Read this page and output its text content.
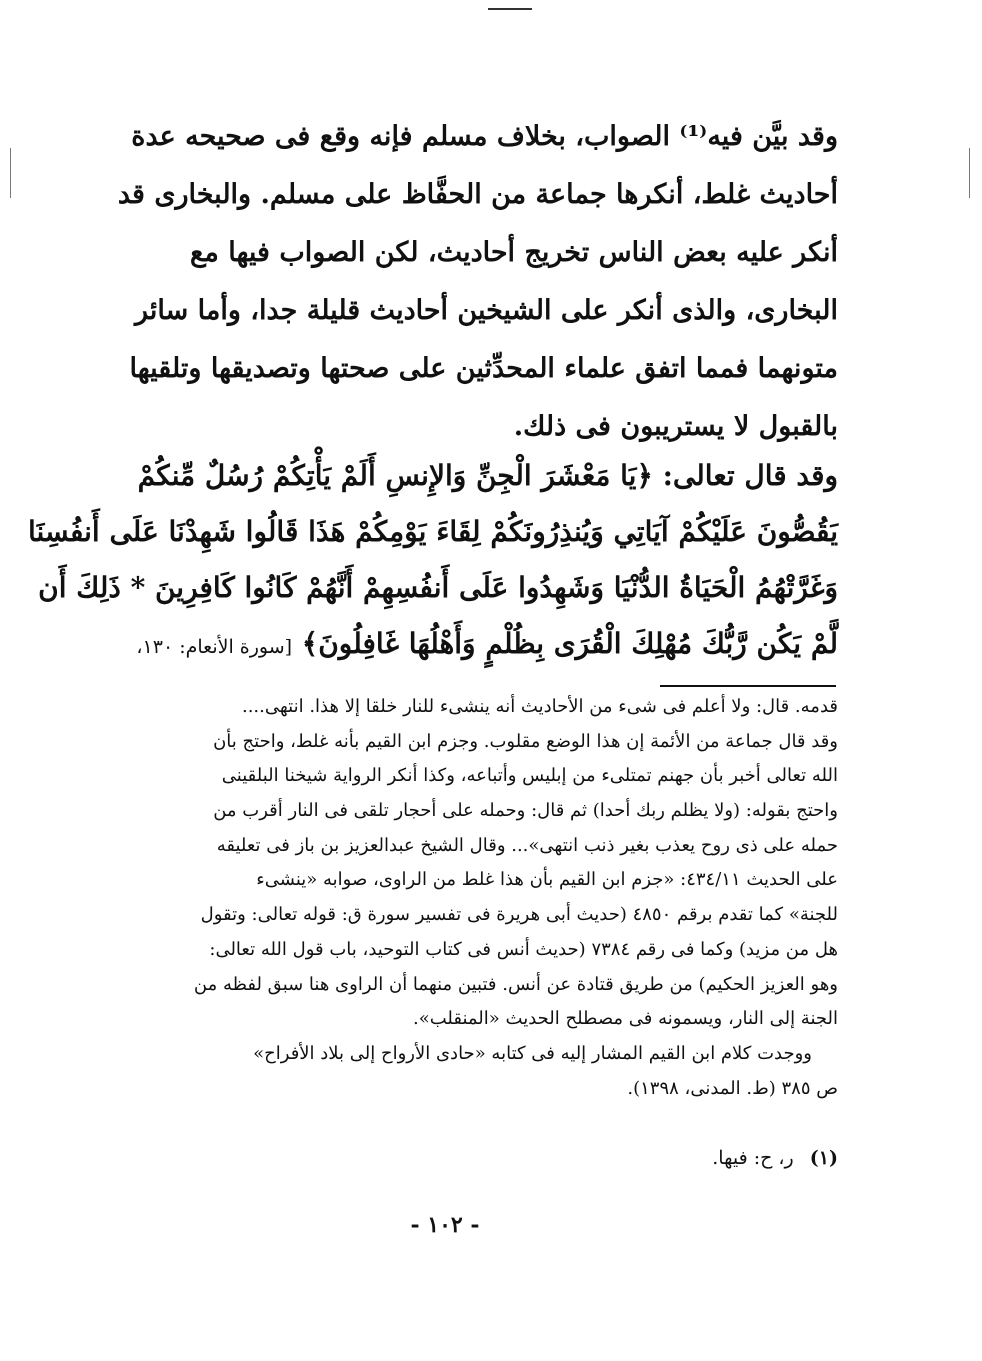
وقد بيَّن فيه⁽¹⁾ الصواب، بخلاف مسلم فإنه وقع فى صحيحه عدة
أحاديث غلط، أنكرها جماعة من الحفَّاظ على مسلم. والبخارى قد
أنكر عليه بعض الناس تخريج أحاديث، لكن الصواب فيها مع
البخارى، والذى أنكر على الشيخين أحاديث قليلة جدا، وأما سائر
متونهما فمما اتفق علماء المحدِّثين على صحتها وتصديقها وتلقيها
بالقبول لا يستريبون فى ذلك.
وقد قال تعالى: ﴿يَا مَعْشَرَ الْجِنِّ وَالإِنسِ أَلَمْ يَأْتِكُمْ رُسُلٌ مِّنكُمْ
يَقُصُّونَ عَلَيْكُمْ آيَاتِي وَيُنذِرُونَكُمْ لِقَاءَ يَوْمِكُمْ هَذَا قَالُوا شَهِدْنَا عَلَى أَنفُسِنَا
وَغَرَّتْهُمُ الْحَيَاةُ الدُّنْيَا وَشَهِدُوا عَلَى أَنفُسِهِمْ أَنَّهُمْ كَانُوا كَافِرِينَ * ذَلِكَ أَن
لَّمْ يَكُن رَّبُّكَ مُهْلِكَ الْقُرَى بِظُلْمٍ وَأَهْلُهَا غَافِلُونَ﴾ [سورة الأنعام: ١٣٠،
قدمه. قال: ولا أعلم فى شىء من الأحاديث أنه ينشىء للنار خلقا إلا هذا. انتهى....
وقد قال جماعة من الأئمة إن هذا الوضع مقلوب. وجزم ابن القيم بأنه غلط، واحتج بأن
الله تعالى أخبر بأن جهنم تمتلىء من إبليس وأتباعه، وكذا أنكر الرواية شيخنا البلقينى
واحتج بقوله: (ولا يظلم ربك أحدا) ثم قال: وحمله على أحجار تلقى فى النار أقرب من
حمله على ذى روح يعذب بغير ذنب انتهى»... وقال الشيخ عبدالعزيز بن باز فى تعليقه
على الحديث ٤٣٤/١١: «جزم ابن القيم بأن هذا غلط من الراوى، صوابه «ينشىء
للجنة» كما تقدم برقم ٤٨٥٠ (حديث أبى هريرة فى تفسير سورة ق: قوله تعالى: وتقول
هل من مزيد) وكما فى رقم ٧٣٨٤ (حديث أنس فى كتاب التوحيد، باب قول الله تعالى:
وهو العزيز الحكيم) من طريق قتادة عن أنس. فتبين منهما أن الراوى هنا سبق لفظه من
الجنة إلى النار، ويسمونه فى مصطلح الحديث «المنقلب».
ووجدت كلام ابن القيم المشار إليه فى كتابه «حادى الأرواح إلى بلاد الأفراح»
ص ٣٨٥ (ط. المدنى، ١٣٩٨).
(١) ر، ح: فيها.
- ١٠٢ -
